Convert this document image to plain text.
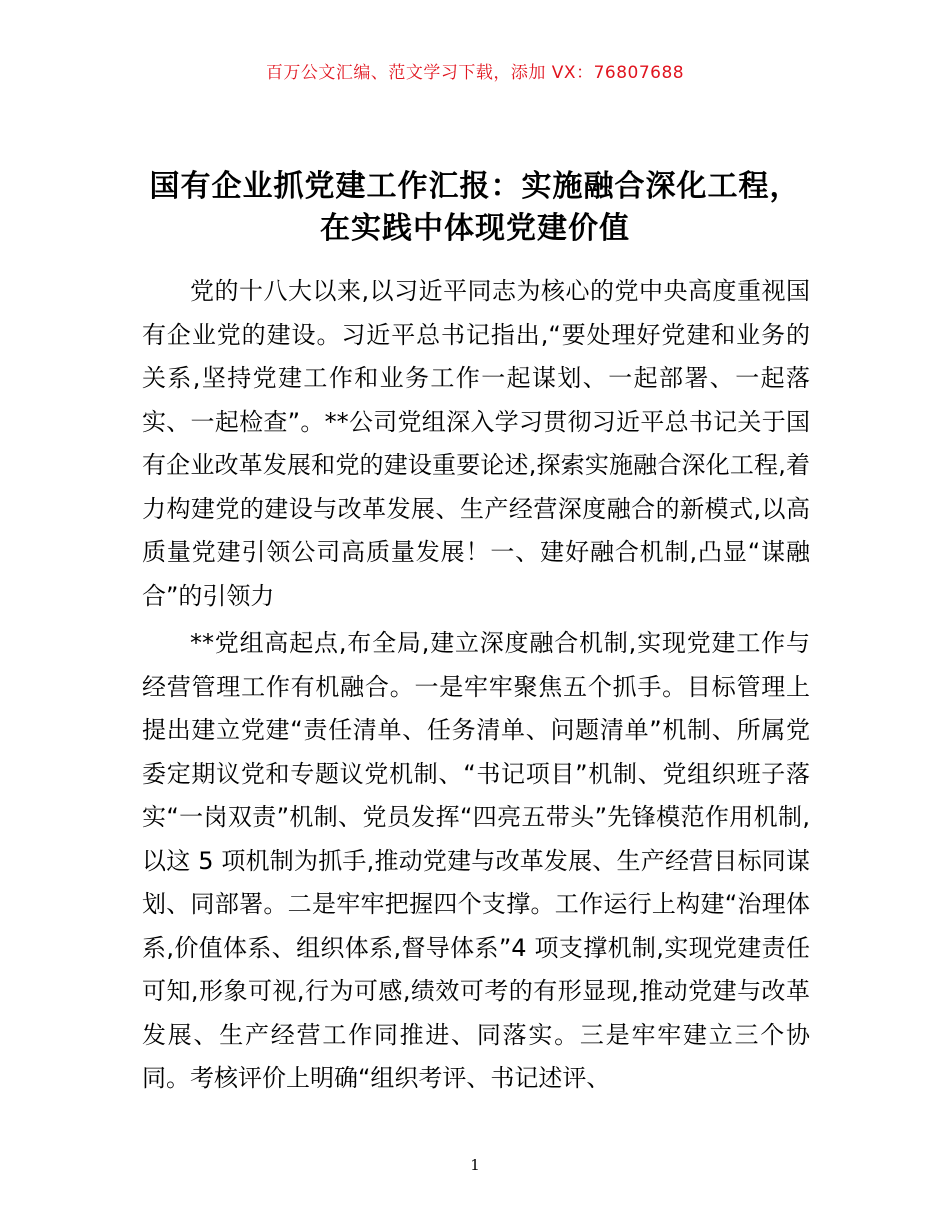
百万公文汇编、范文学习下载，添加 VX：76807688
国有企业抓党建工作汇报：实施融合深化工程，
在实践中体现党建价值

党的十八大以来,以习近平同志为核心的党中央高度重视国有企业党的建设。习近平总书记指出,“要处理好党建和业务的关系,坚持党建工作和业务工作一起谋划、一起部署、一起落实、一起检查”。**公司党组深入学习贯彻习近平总书记关于国有企业改革发展和党的建设重要论述,探索实施融合深化工程,着力构建党的建设与改革发展、生产经营深度融合的新模式,以高质量党建引领公司高质量发展！一、建好融合机制,凸显“谋融合”的引领力

**党组高起点,布全局,建立深度融合机制,实现党建工作与经营管理工作有机融合。一是牢牢聚焦五个抓手。目标管理上提出建立党建“责任清单、任务清单、问题清单”机制、所属党委定期议党和专题议党机制、“书记项目”机制、党组织班子落实“一岗双责”机制、党员发挥“四亮五带头”先锋模范作用机制,以这 5 项机制为抓手,推动党建与改革发展、生产经营目标同谋划、同部署。二是牢牢把握四个支撑。工作运行上构建“治理体系,价值体系、组织体系,督导体系”4 项支撑机制,实现党建责任可知,形象可视,行为可感,绩效可考的有形显现,推动党建与改革发展、生产经营工作同推进、同落实。三是牢牢建立三个协同。考核评价上明确“组织考评、书记述评、

1
